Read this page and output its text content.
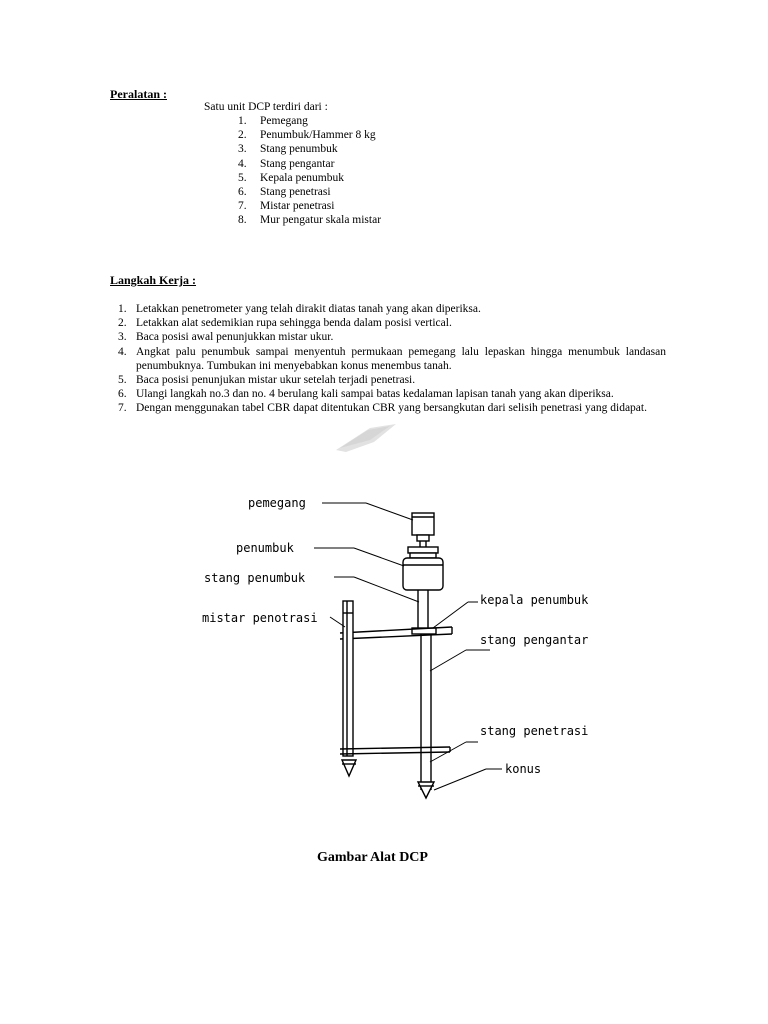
Peralatan :
Satu unit DCP terdiri dari :
1. Pemegang
2. Penumbuk/Hammer 8 kg
3. Stang penumbuk
4. Stang pengantar
5. Kepala penumbuk
6. Stang penetrasi
7. Mistar penetrasi
8. Mur pengatur skala mistar
Langkah Kerja :
1. Letakkan penetrometer yang telah dirakit diatas tanah yang akan diperiksa.
2. Letakkan alat sedemikian rupa sehingga benda dalam posisi vertical.
3. Baca posisi awal penunjukkan mistar ukur.
4. Angkat palu penumbuk sampai menyentuh permukaan pemegang lalu lepaskan hingga menumbuk landasan penumbuknya. Tumbukan ini menyebabkan konus menembus tanah.
5. Baca posisi penunjukan mistar ukur setelah terjadi penetrasi.
6. Ulangi langkah no.3 dan no. 4 berulang kali sampai batas kedalaman lapisan tanah yang akan diperiksa.
7. Dengan menggunakan tabel CBR dapat ditentukan CBR yang bersangkutan dari selisih penetrasi yang didapat.
pemegang
penumbuk
stang penumbuk
mistar penotrasi
kepala penumbuk
stang pengantar
stang penetrasi
konus
Gambar Alat DCP
